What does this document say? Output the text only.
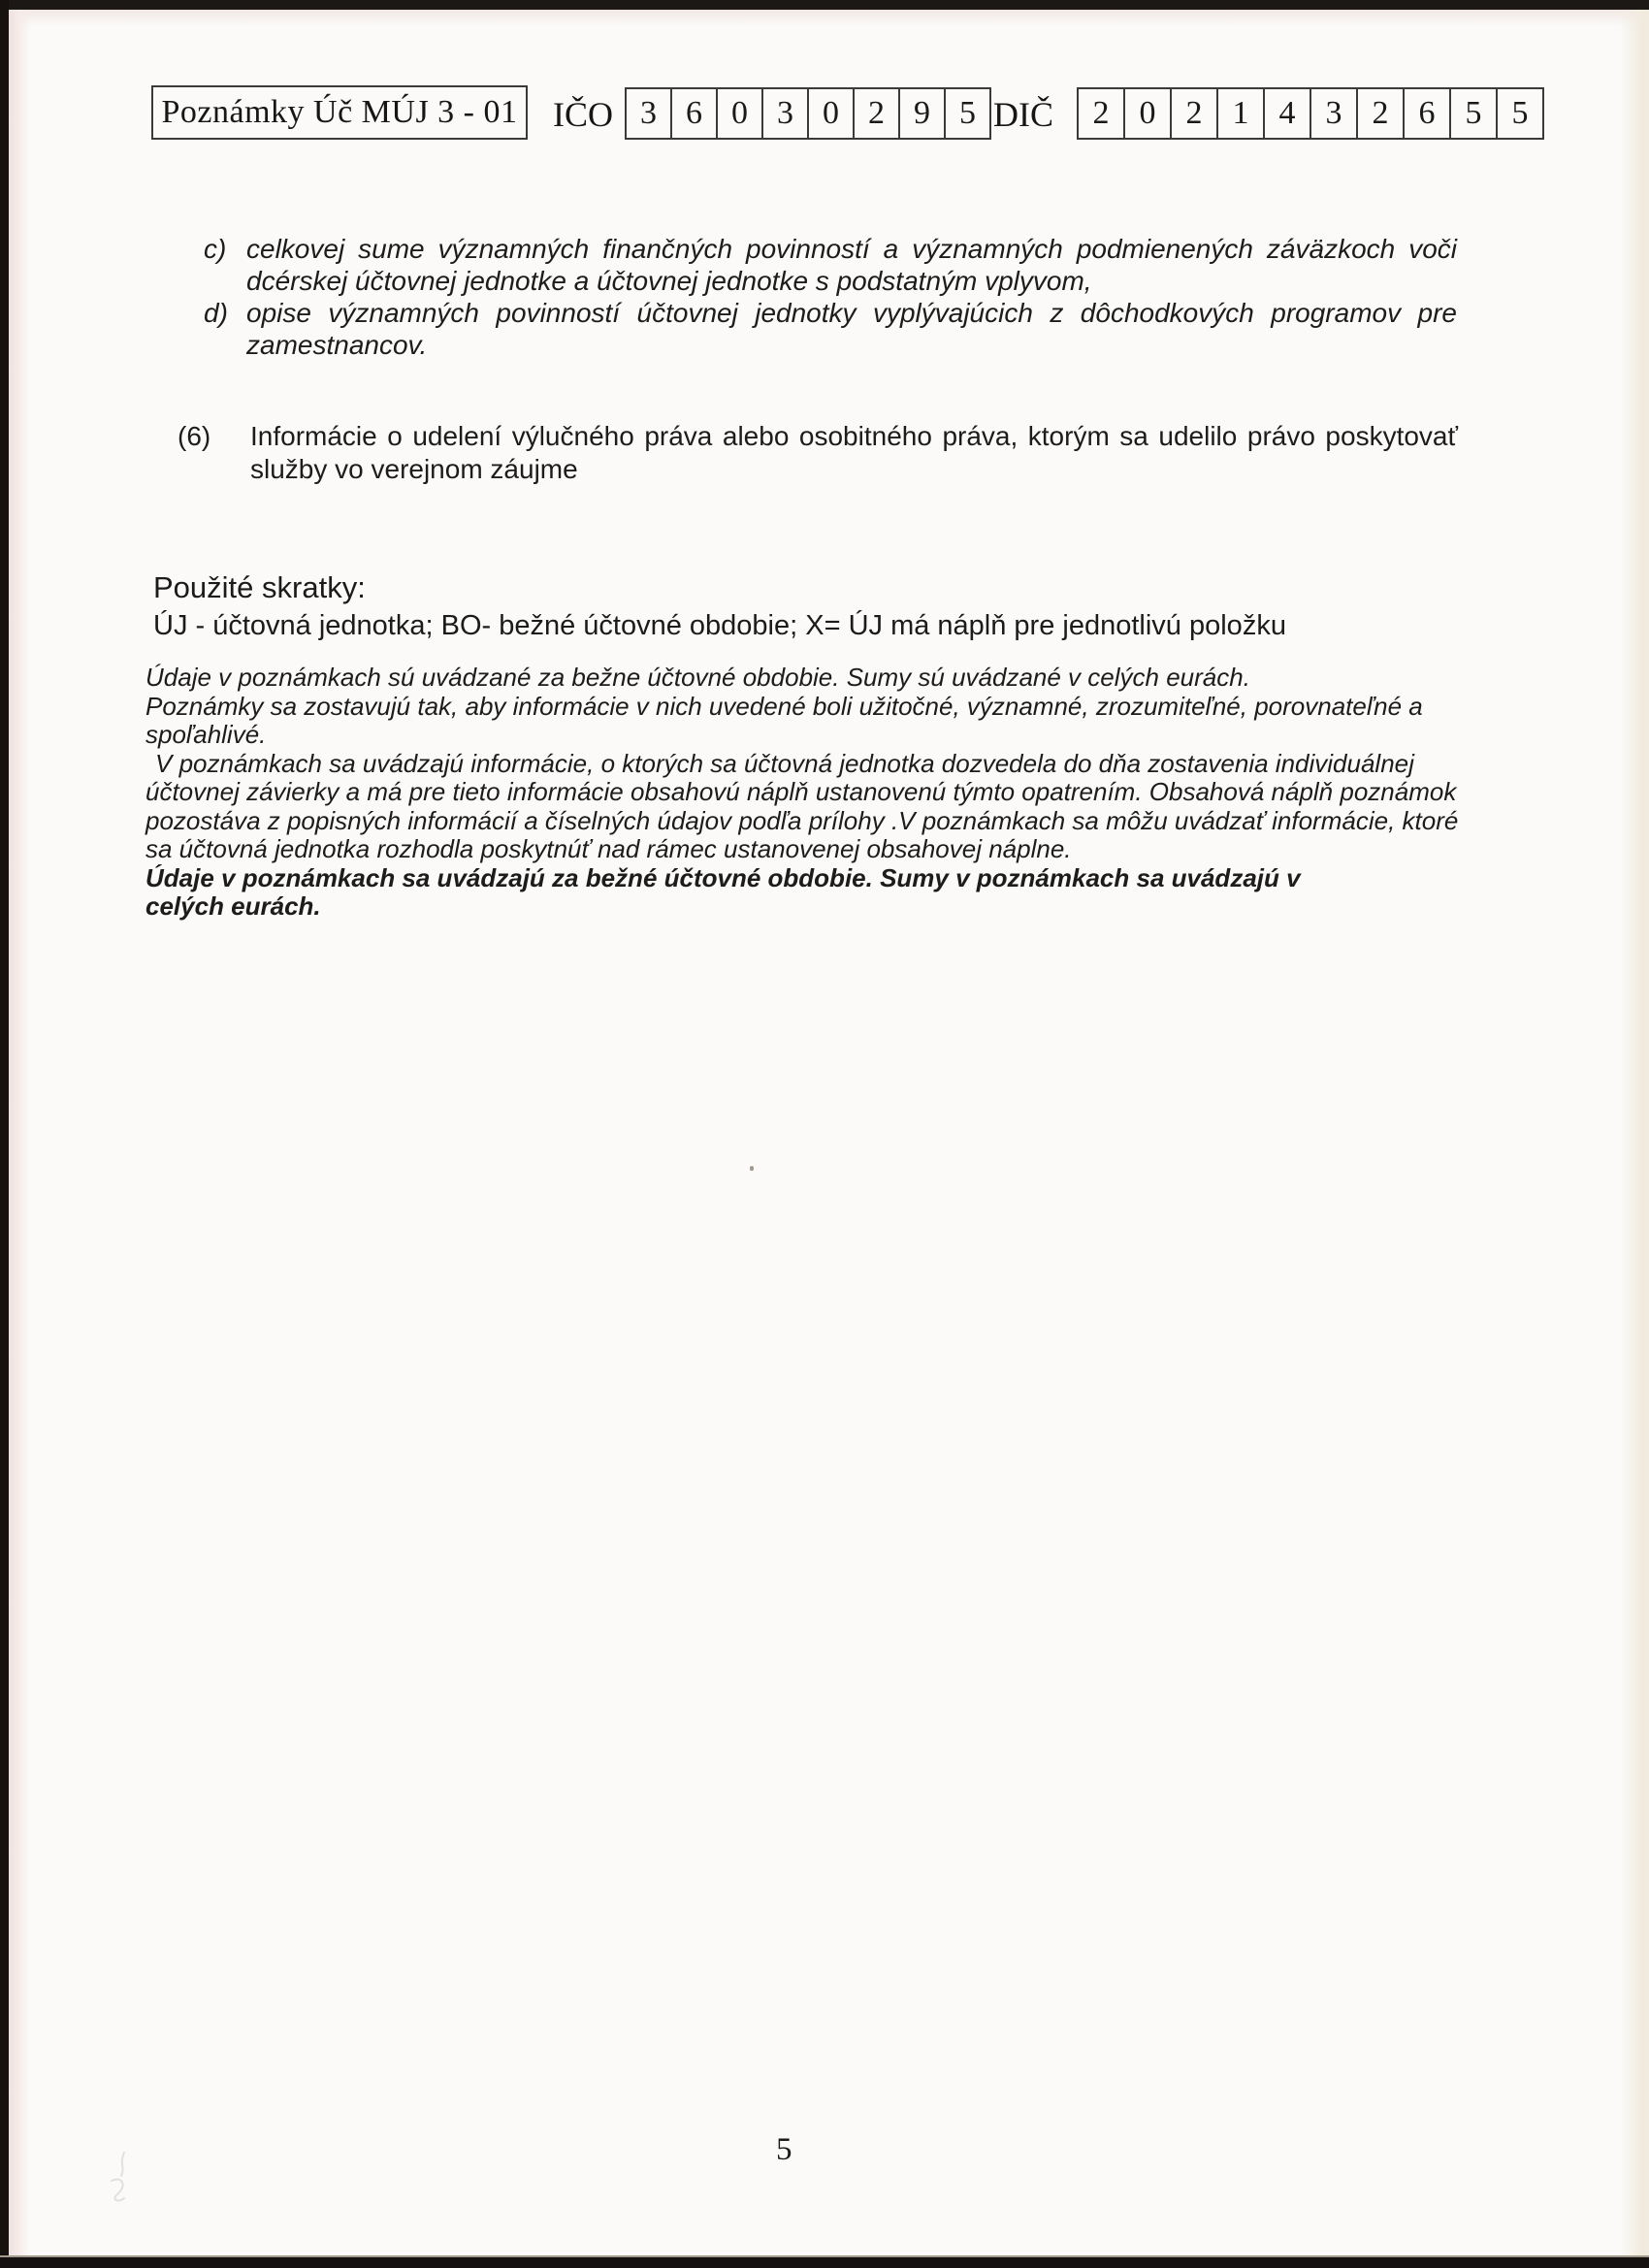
Poznámky Úč MÚJ 3 - 01 IČO 3 6 0 3 0 2 9 5 DIČ	2 0 2 1 4 3 2 6 5 5
c) celkovej sume významných finančných povinností a významných podmienených záväzkoch voči dcérskej účtovnej jednotke a účtovnej jednotke s podstatným vplyvom,
d) opise významných povinností účtovnej jednotky vyplývajúcich z dôchodkových programov pre zamestnancov.
(6)	Informácie o udelení výlučného práva alebo osobitného práva, ktorým sa udelilo právo poskytovať služby vo verejnom záujme
Použité skratky:
ÚJ - účtovná jednotka; BO- bežné účtovné obdobie; X= ÚJ má náplň pre jednotlivú položku

Údaje v poznámkach sú uvádzané za bežne účtovné obdobie. Sumy sú uvádzané v celých eurách.

Poznámky sa zostavujú tak, aby informácie v nich uvedené boli užitočné, významné, zrozumiteľné, porovnateľné a spoľahlivé.

V poznámkach sa uvádzajú informácie, o ktorých sa účtovná jednotka dozvedela do dňa zostavenia individuálnej účtovnej závierky a má pre tieto informácie obsahovú náplň ustanovenú týmto opatrením. Obsahová náplň poznámok pozostáva z popisných informácií a číselných údajov podľa prílohy .V poznámkach sa môžu uvádzať informácie, ktoré sa účtovná jednotka rozhodla poskytnúť nad rámec ustanovenej obsahovej náplne.

Údaje v poznámkach sa uvádzajú za bežné účtovné obdobie. Sumy v poznámkach sa uvádzajú v celých eurách.

5
